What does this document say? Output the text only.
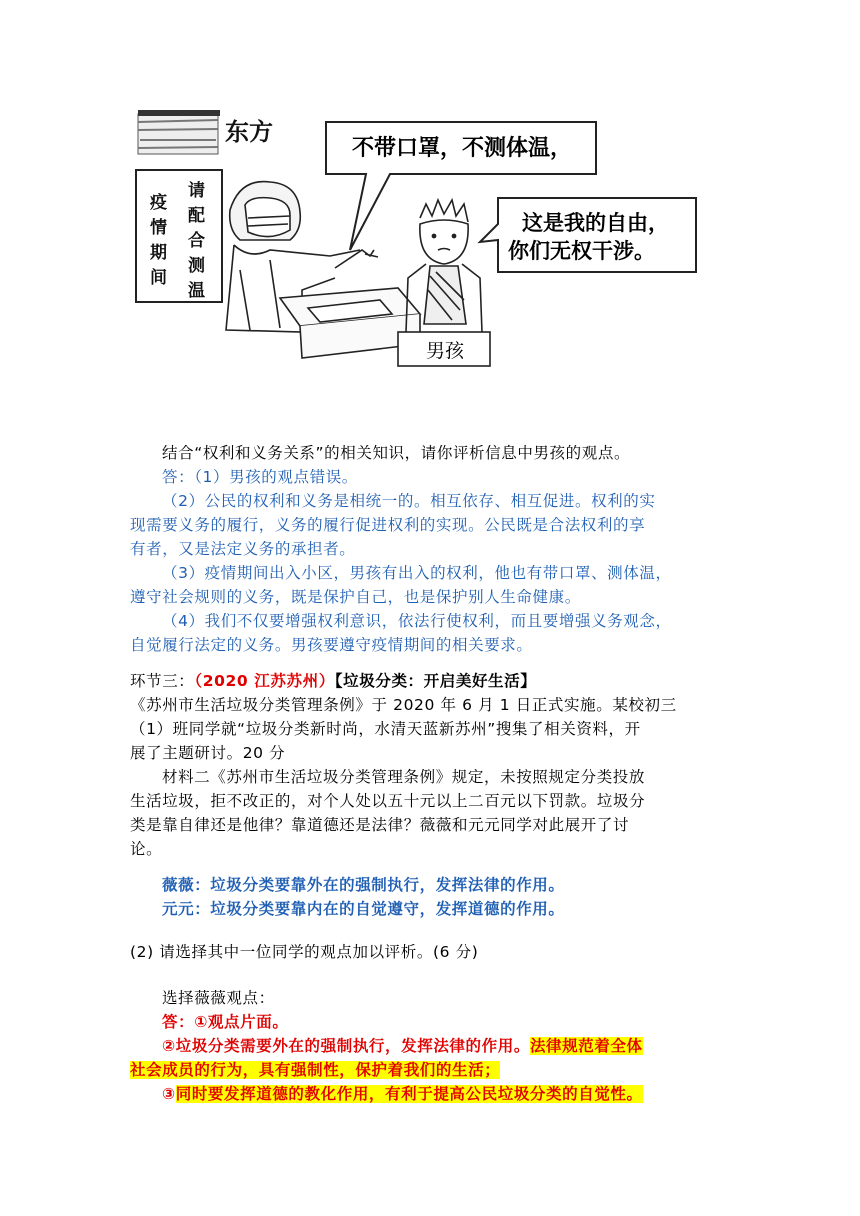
东方
请
配
合
测
温
疫
情
期
间
不带口罩，不测体温，
这是我的自由，
你们无权干涉。
男孩
结合“权利和义务关系”的相关知识，请你评析信息中男孩的观点。
答：（1）男孩的观点错误。
（2）公民的权利和义务是相统一的。相互依存、相互促进。权利的实
现需要义务的履行，义务的履行促进权利的实现。公民既是合法权利的享
有者，又是法定义务的承担者。
（3）疫情期间出入小区，男孩有出入的权利，他也有带口罩、测体温，
遵守社会规则的义务，既是保护自己，也是保护别人生命健康。
（4）我们不仅要增强权利意识，依法行使权利，而且要增强义务观念，
自觉履行法定的义务。男孩要遵守疫情期间的相关要求。
环节三：（2020 江苏苏州）【垃圾分类：开启美好生活】
《苏州市生活垃圾分类管理条例》于 2020 年 6 月 1 日正式实施。某校初三
（1）班同学就“垃圾分类新时尚，水清天蓝新苏州”搜集了相关资料，开
展了主题研讨。20 分
材料二《苏州市生活垃圾分类管理条例》规定，未按照规定分类投放
生活垃圾，拒不改正的，对个人处以五十元以上二百元以下罚款。垃圾分
类是靠自律还是他律？靠道德还是法律？薇薇和元元同学对此展开了讨
论。
薇薇：垃圾分类要靠外在的强制执行，发挥法律的作用。
元元：垃圾分类要靠内在的自觉遵守，发挥道德的作用。
(2) 请选择其中一位同学的观点加以评析。(6 分)
选择薇薇观点：
答：①观点片面。
②垃圾分类需要外在的强制执行，发挥法律的作用。法律规范着全体
社会成员的行为，具有强制性，保护着我们的生活；
③同时要发挥道德的教化作用，有利于提高公民垃圾分类的自觉性。
